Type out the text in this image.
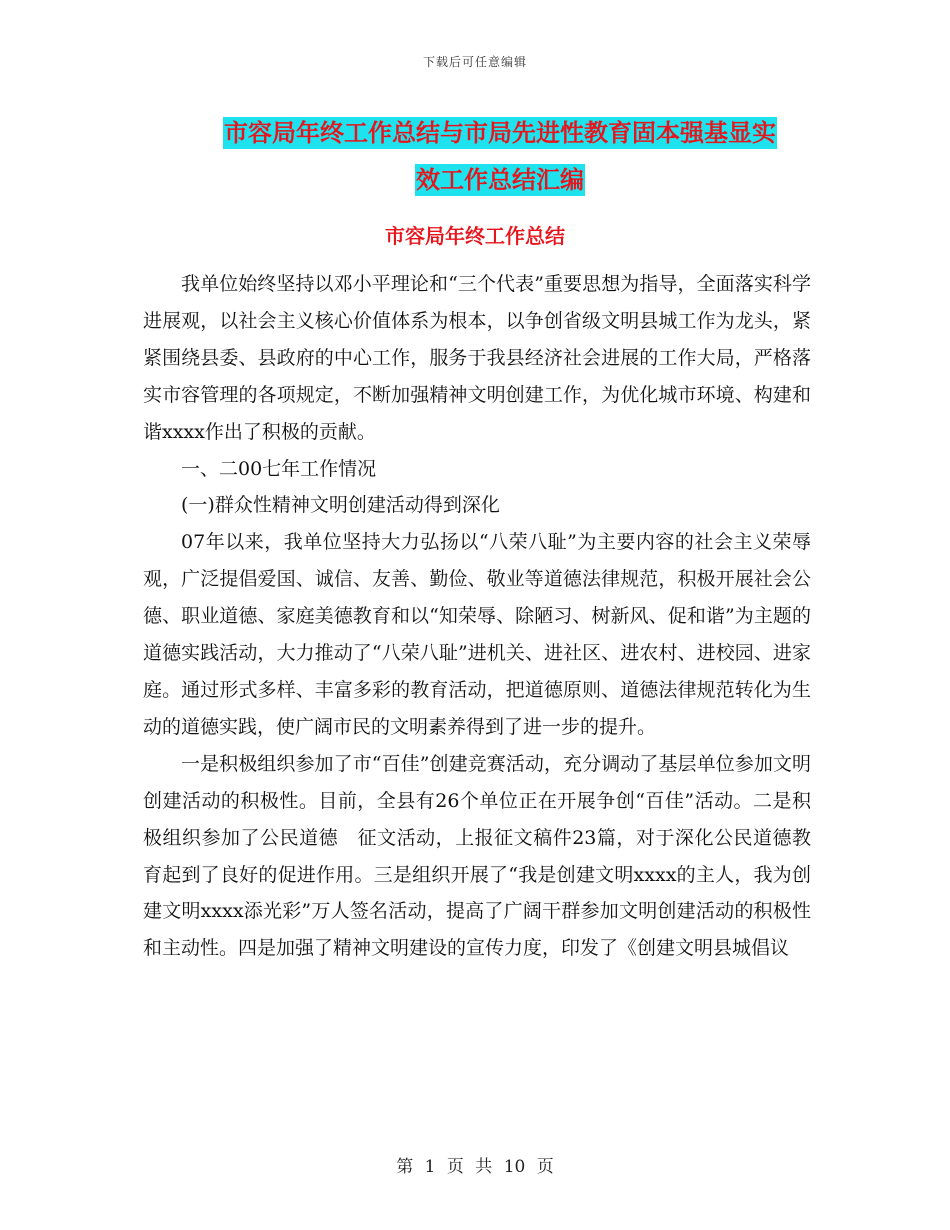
下载后可任意编辑
市容局年终工作总结与市局先进性教育固本强基显实
效工作总结汇编
市容局年终工作总结

我单位始终坚持以邓小平理论和“三个代表”重要思想为指导，全面落实科学进展观，以社会主义核心价值体系为根本，以争创省级文明县城工作为龙头，紧紧围绕县委、县政府的中心工作，服务于我县经济社会进展的工作大局，严格落实市容管理的各项规定，不断加强精神文明创建工作，为优化城市环境、构建和谐xxxx作出了积极的贡献。

一、二00七年工作情况

(一)群众性精神文明创建活动得到深化

07年以来，我单位坚持大力弘扬以“八荣八耻”为主要内容的社会主义荣辱观，广泛提倡爱国、诚信、友善、勤俭、敬业等道德法律规范，积极开展社会公德、职业道德、家庭美德教育和以“知荣辱、除陋习、树新风、促和谐”为主题的道德实践活动，大力推动了“八荣八耻”进机关、进社区、进农村、进校园、进家庭。通过形式多样、丰富多彩的教育活动，把道德原则、道德法律规范转化为生动的道德实践，使广阔市民的文明素养得到了进一步的提升。

一是积极组织参加了市“百佳”创建竞赛活动，充分调动了基层单位参加文明创建活动的积极性。目前，全县有26个单位正在开展争创“百佳”活动。二是积极组织参加了公民道德　征文活动，上报征文稿件23篇，对于深化公民道德教育起到了良好的促进作用。三是组织开展了“我是创建文明xxxx的主人，我为创建文明xxxx添光彩”万人签名活动，提高了广阔干群参加文明创建活动的积极性和主动性。四是加强了精神文明建设的宣传力度，印发了《创建文明县城倡议

第 1 页 共 10 页
